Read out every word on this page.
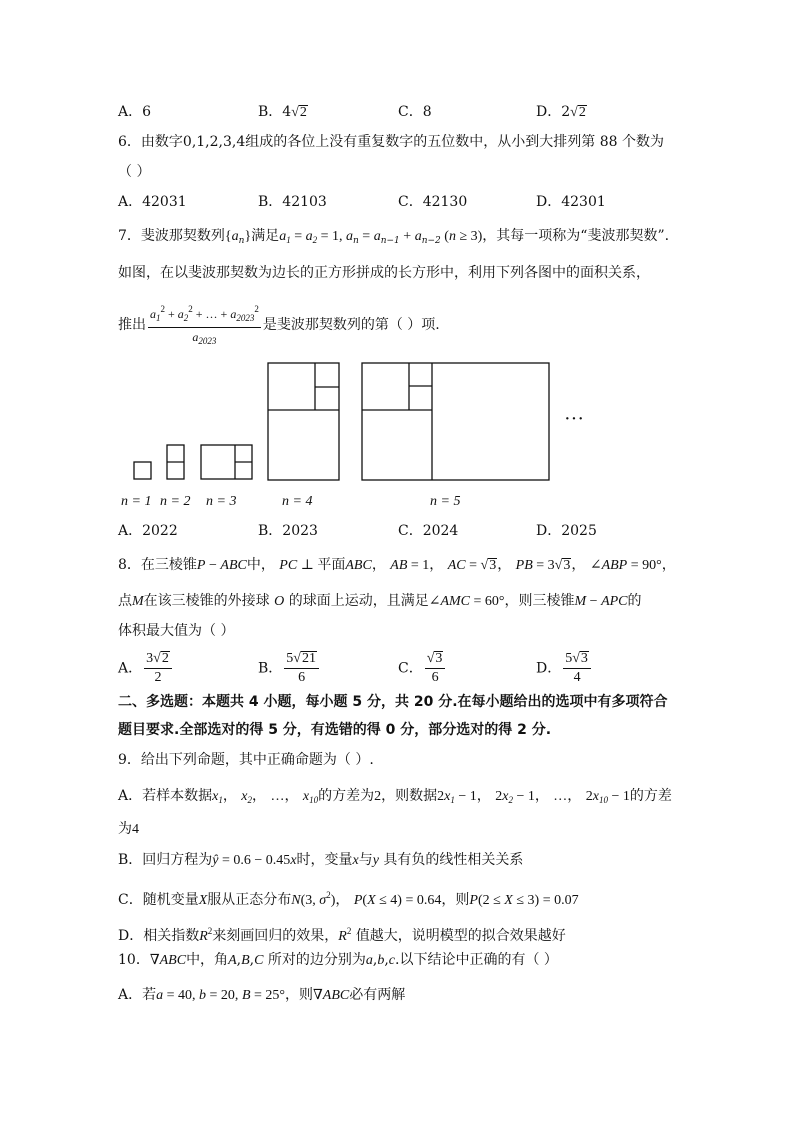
A．6	B．4√2	C．8	D．2√2
6．由数字0,1,2,3,4组成的各位上没有重复数字的五位数中，从小到大排列第 88 个数为
（ ）
A．42031	B．42103	C．42130	D．42301
7．斐波那契数列$\{a_n\}$满足$a_1 = a_2 = 1$, $a_n = a_{n-1} + a_{n-2}$ (n ≥ 3)，其每一项称为“斐波那契数”.
如图，在以斐波那契数为边长的正方形拼成的长方形中，利用下列各图中的面积关系，
推出 $\frac{a_1^2 + a_2^2 + \dots + a_{2023}^2}{a_{2023}}$ 是斐波那契数列的第（ ）项.
···
n = 1 n = 2 n = 3	n = 4	n = 5
A．2022	B．2023	C．2024	D．2025
8．在三棱锥P − ABC中， PC ⊥ 平面ABC， AB = 1， AC = √3， PB = 3√3， ∠ABP = 90°，
点M在该三棱锥的外接球 O 的球面上运动，且满足∠AMC = 60°，则三棱锥M − APC的
体积最大值为（ ）
A． $\frac{3√2}{2}$	B． $\frac{5√21}{6}$	C． $\frac{√3}{6}$	D． $\frac{5√3}{4}$
二、多选题：本题共 4 小题，每小题 5 分，共 20 分.在每小题给出的选项中有多项符合
题目要求.全部选对的得 5 分，有选错的得 0 分，部分选对的得 2 分.
9．给出下列命题，其中正确命题为（ ）.
A．若样本数据$x_1$， $x_2$， …， $x_{10}$的方差为2，则数据$2x_1 - 1$， $2x_2 - 1$， …， $2x_{10} - 1$的方差
为4
B．回归方程为ŷ = 0.6 − 0.45x时，变量x与y 具有负的线性相关关系
C．随机变量X服从正态分布N(3, $\sigma^2$)， P(X ≤ 4) = 0.64，则P(2 ≤ X ≤ 3) = 0.07
D．相关指数$R^2$来刻画回归的效果，$R^2$ 值越大，说明模型的拟合效果越好
10．∇ABC中，角A,B,C 所对的边分别为a,b,c.以下结论中正确的有（ ）
A．若a = 40, b = 20, B = 25°，则∇ABC必有两解
